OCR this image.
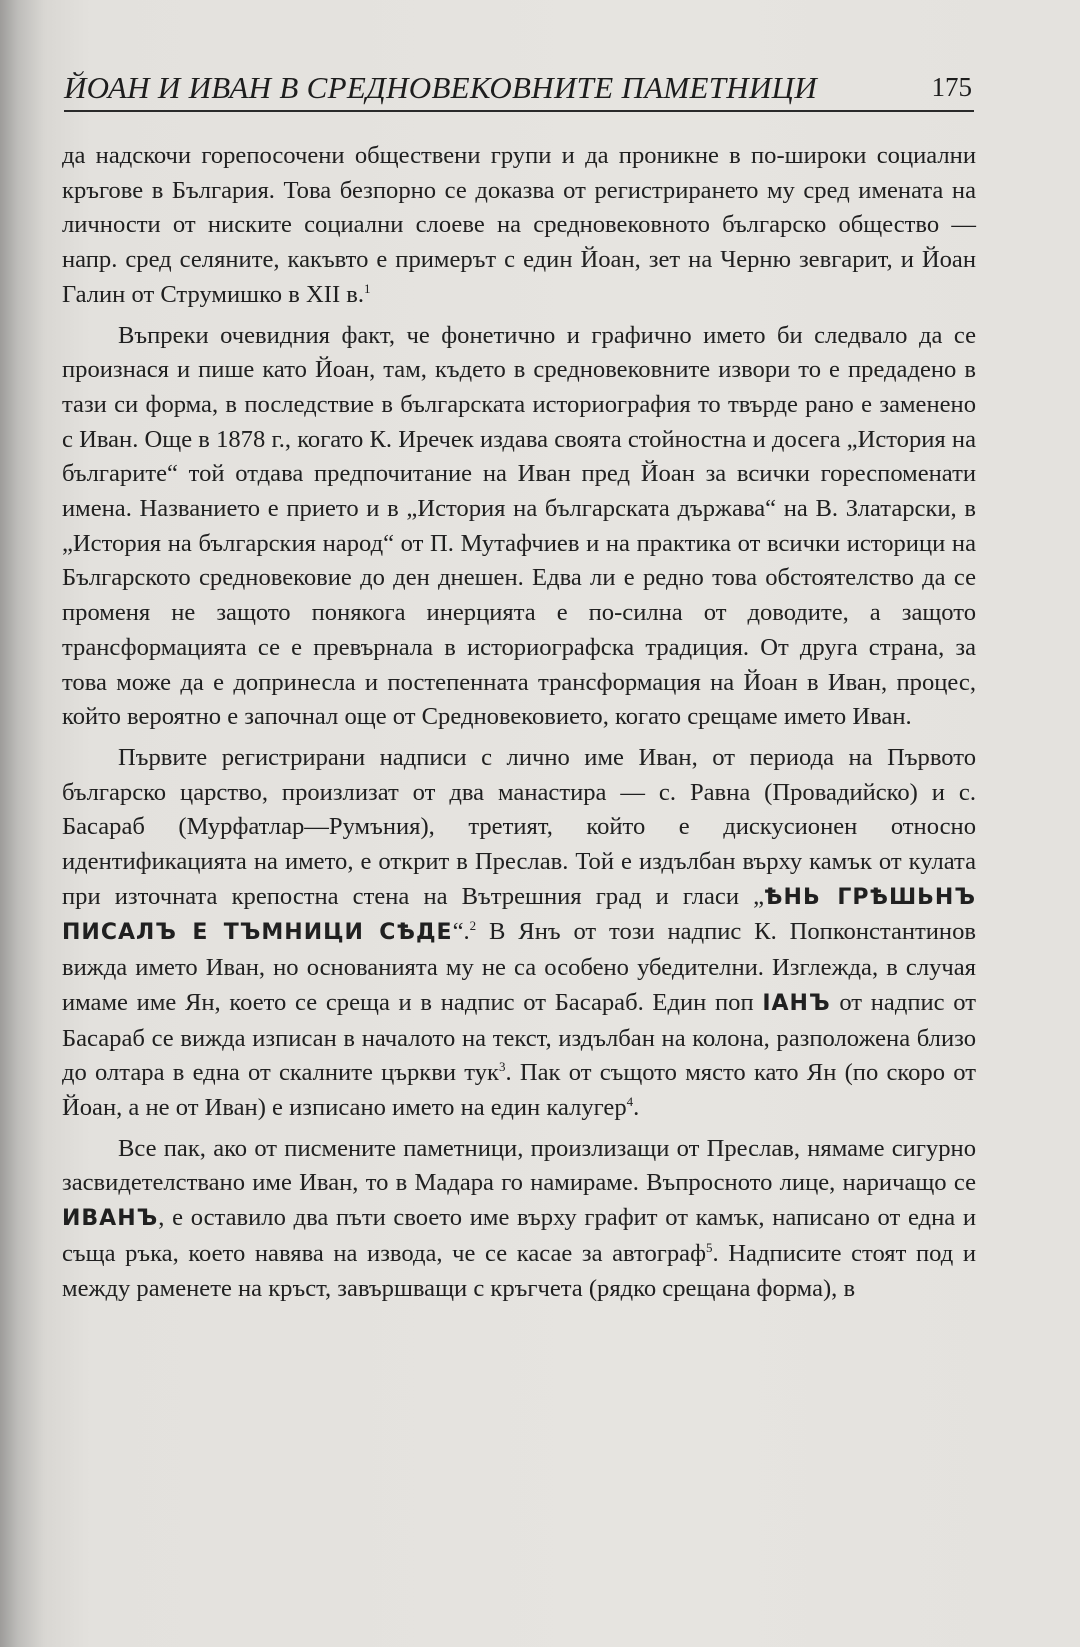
ЙОАН И ИВАН В СРЕДНОВЕКОВНИТЕ ПАМЕТНИЦИ	175

да надскочи горепосочени обществени групи и да проникне в по-широки социални кръгове в България. Това безпорно се доказва от регистрирането му сред имената на личности от ниските социални слоеве на средновековното българско общество — напр. сред селяните, какъвто е примерът с един Йоан, зет на Черню зевгарит, и Йоан Галин от Струмишко в XII в.$^1$

Въпреки очевидния факт, че фонетично и графично името би следвало да се произнася и пише като Йоан, там, където в средновековните извори то е предадено в тази си форма, в последствие в българската историография то твърде рано е заменено с Иван. Още в 1878 г., когато К. Иречек издава своята стойностна и досега „История на българите“ той отдава предпочитание на Иван пред Йоан за всички гореспоменати имена. Названието е прието и в „История на българската държава“ на В. Златарски, в „История на българския народ“ от П. Мутафчиев и на практика от всички историци на Българското средновековие до ден днешен. Едва ли е редно това обстоятелство да се променя не защото понякога инерцията е по-силна от доводите, а защото трансформацията се е превърнала в историографска традиция. От друга страна, за това може да е допринесла и постепенната трансформация на Йоан в Иван, процес, който вероятно е започнал още от Средновековието, когато срещаме името Иван.

Първите регистрирани надписи с лично име Иван, от периода на Първото българско царство, произлизат от два манастира — с. Равна (Провадийско) и с. Басараб (Мурфатлар—Румъния), третият, който е дискусионен относно идентификацията на името, е открит в Преслав. Той е издълбан върху камък от кулата при източната крепостна стена на Вътрешния град и гласи „ѢНЬ ГРѢШЬНЪ ПИСАЛЪ Е ТЪМНИЦИ СѢДЕ“.$^2$ В Янъ от този надпис К. Попконстантинов вижда името Иван, но основанията му не са особено убедителни. Изглежда, в случая имаме име Ян, което се среща и в надпис от Басараб. Един поп ІАНЪ от надпис от Басараб се вижда изписан в началото на текст, издълбан на колона, разположена близо до олтара в една от скалните църкви тук$^3$. Пак от същото място като Ян (по скоро от Йоан, а не от Иван) е изписано името на един калугер$^4$.

Все пак, ако от писмените паметници, произлизащи от Преслав, нямаме сигурно засвидетелствано име Иван, то в Мадара го намираме. Въпросното лице, наричащо се ИВАНЪ, е оставило два пъти своето име върху графит от камък, написано от една и съща ръка, което навява на извода, че се касае за автограф$^5$. Надписите стоят под и между раменете на кръст, завършващи с кръгчета (рядко срещана форма), в
